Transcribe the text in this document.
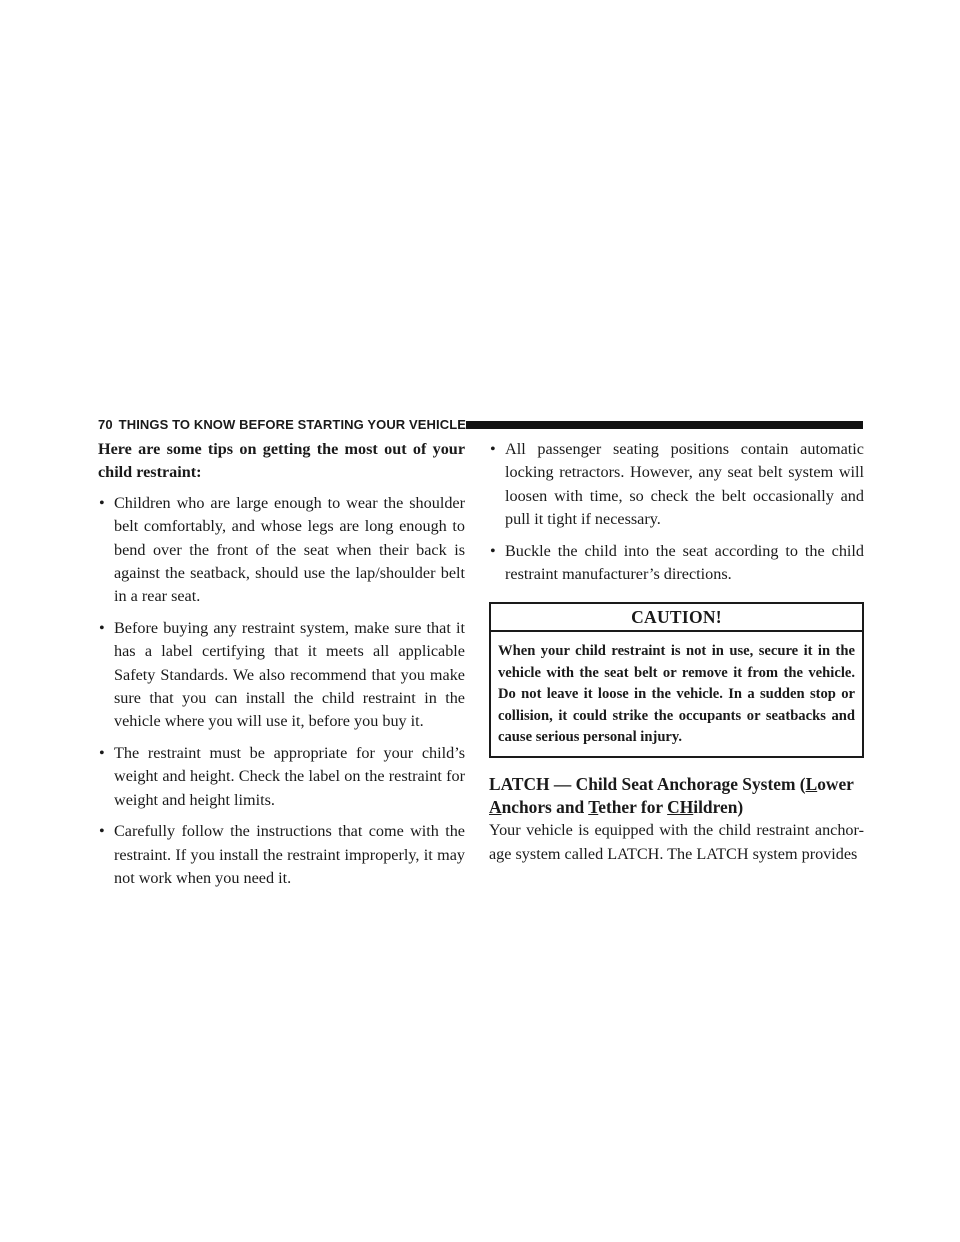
70 THINGS TO KNOW BEFORE STARTING YOUR VEHICLE

Here are some tips on getting the most out of your child restraint:

• Children who are large enough to wear the shoulder belt comfortably, and whose legs are long enough to bend over the front of the seat when their back is against the seatback, should use the lap/shoulder belt in a rear seat.
• Before buying any restraint system, make sure that it has a label certifying that it meets all applicable Safety Standards. We also recommend that you make sure that you can install the child restraint in the vehicle where you will use it, before you buy it.
• The restraint must be appropriate for your child’s weight and height. Check the label on the restraint for weight and height limits.
• Carefully follow the instructions that come with the restraint. If you install the restraint improperly, it may not work when you need it.
• All passenger seating positions contain automatic locking retractors. However, any seat belt system will loosen with time, so check the belt occasionally and pull it tight if necessary.
• Buckle the child into the seat according to the child restraint manufacturer’s directions.
CAUTION!
When your child restraint is not in use, secure it in the vehicle with the seat belt or remove it from the vehicle. Do not leave it loose in the vehicle. In a sudden stop or collision, it could strike the occupants or seatbacks and cause serious personal injury.
LATCH — Child Seat Anchorage System (Lower
Anchors and Tether for CHildren)
Your vehicle is equipped with the child restraint anchor-age system called LATCH. The LATCH system provides
